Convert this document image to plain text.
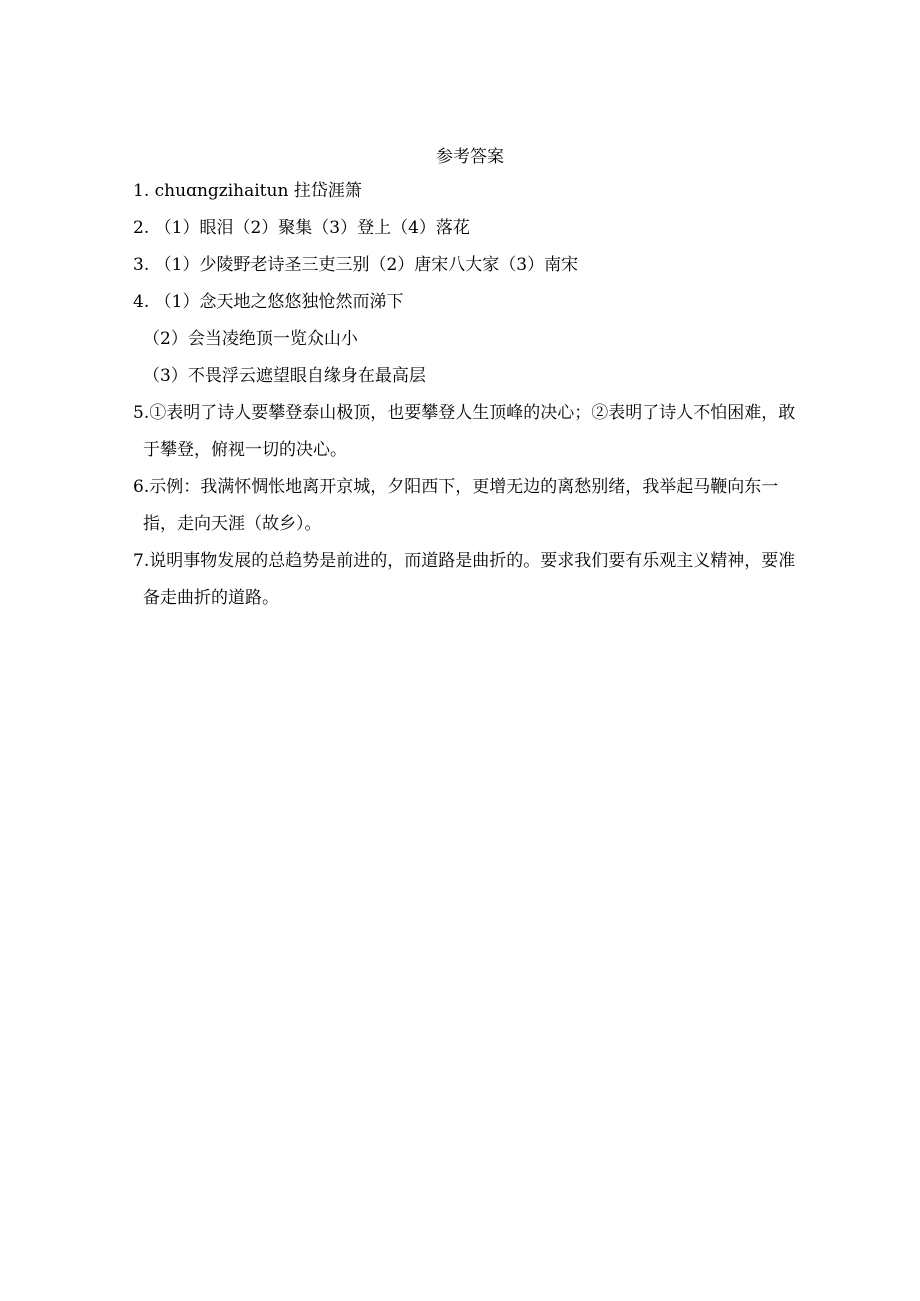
参考答案
1. chuɑngzihaitun 拄岱涯箫
2. （1）眼泪（2）聚集（3）登上（4）落花
3. （1）少陵野老诗圣三吏三别（2）唐宋八大家（3）南宋
4. （1）念天地之悠悠独怆然而涕下
（2）会当凌绝顶一览众山小
（3）不畏浮云遮望眼自缘身在最高层
5.①表明了诗人要攀登泰山极顶，也要攀登人生顶峰的决心；②表明了诗人不怕困难，敢
于攀登，俯视一切的决心。
6.示例：我满怀惆怅地离开京城，夕阳西下，更增无边的离愁别绪，我举起马鞭向东一
指，走向天涯（故乡）。
7.说明事物发展的总趋势是前进的，而道路是曲折的。要求我们要有乐观主义精神，要准
备走曲折的道路。
